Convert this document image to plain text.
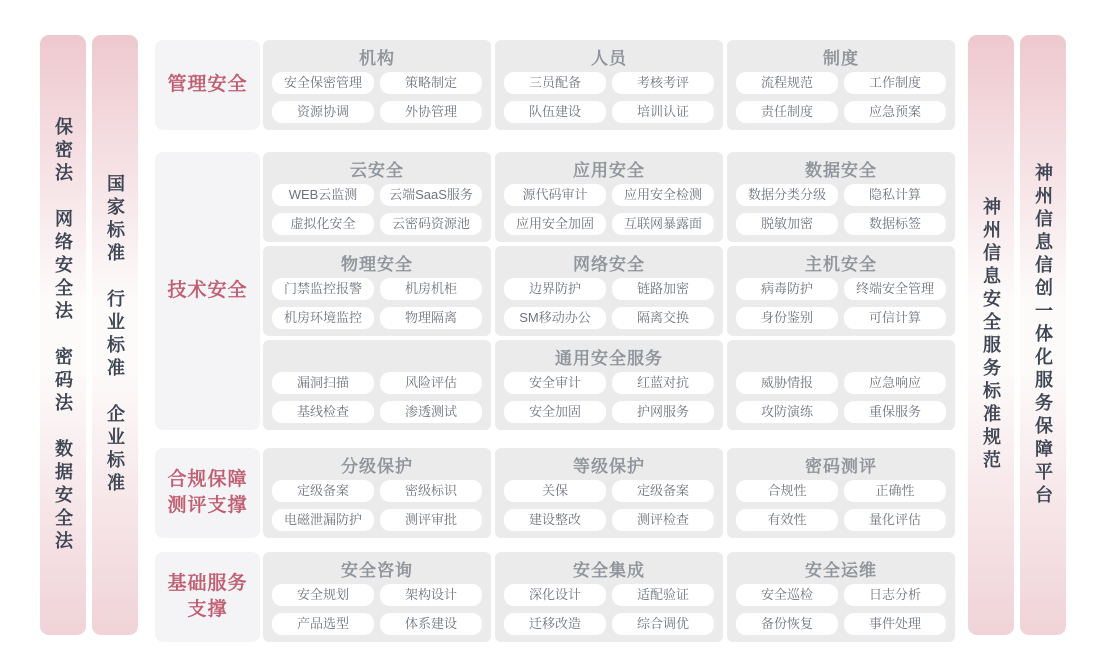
保密法　网络安全法　密码法　数据安全法 国家标准　行业标准　企业标准
管理安全
机构
安全保密管理	策略制定
资源协调	外协管理
人员
三员配备	考核考评
队伍建设	培训认证
制度
流程规范	工作制度
责任制度	应急预案
技术安全
云安全
WEB云监测	云端SaaS服务
虚拟化安全	云密码资源池
应用安全
源代码审计	应用安全检测
应用安全加固	互联网暴露面
数据安全
数据分类分级	隐私计算
脱敏加密	数据标签
物理安全
门禁监控报警	机房机柜
机房环境监控	物理隔离
网络安全
边界防护	链路加密
SM移动办公	隔离交换
主机安全
病毒防护	终端安全管理
身份鉴别	可信计算
漏洞扫描	风险评估
基线检查	渗透测试
通用安全服务
安全审计	红蓝对抗
安全加固	护网服务
威胁情报	应急响应
攻防演练	重保服务
合规保障
测评支撑
分级保护
定级备案	密级标识
电磁泄漏防护	测评审批
等级保护
关保	定级备案
建设整改	测评检查
密码测评
合规性	正确性
有效性	量化评估
基础服务
支撑
安全咨询
安全规划	架构设计
产品选型	体系建设
安全集成
深化设计	适配验证
迁移改造	综合调优
安全运维
安全巡检	日志分析
备份恢复	事件处理
神州信息安全服务标准规范 神州信息信创一体化服务保障平台
